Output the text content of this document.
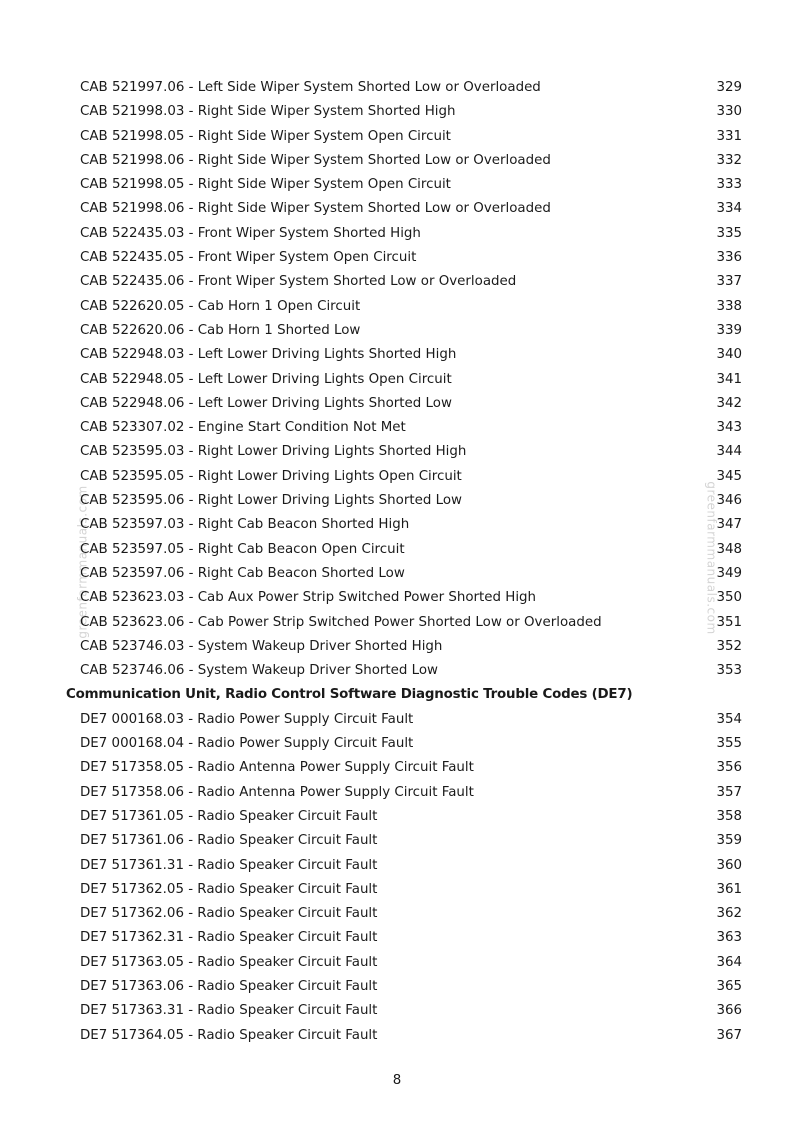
greenfarmmanuals.com	greenfarmmanuals.com
CAB 521997.06 - Left Side Wiper System Shorted Low or Overloaded	329
CAB 521998.03 - Right Side Wiper System Shorted High	330
CAB 521998.05 - Right Side Wiper System Open Circuit	331
CAB 521998.06 - Right Side Wiper System Shorted Low or Overloaded	332
CAB 521998.05 - Right Side Wiper System Open Circuit	333
CAB 521998.06 - Right Side Wiper System Shorted Low or Overloaded	334
CAB 522435.03 - Front Wiper System Shorted High	335
CAB 522435.05 - Front Wiper System Open Circuit	336
CAB 522435.06 - Front Wiper System Shorted Low or Overloaded	337
CAB 522620.05 - Cab Horn 1 Open Circuit	338
CAB 522620.06 - Cab Horn 1 Shorted Low	339
CAB 522948.03 - Left Lower Driving Lights Shorted High	340
CAB 522948.05 - Left Lower Driving Lights Open Circuit	341
CAB 522948.06 - Left Lower Driving Lights Shorted Low	342
CAB 523307.02 - Engine Start Condition Not Met	343
CAB 523595.03 - Right Lower Driving Lights Shorted High	344
CAB 523595.05 - Right Lower Driving Lights Open Circuit	345
CAB 523595.06 - Right Lower Driving Lights Shorted Low	346
CAB 523597.03 - Right Cab Beacon Shorted High	347
CAB 523597.05 - Right Cab Beacon Open Circuit	348
CAB 523597.06 - Right Cab Beacon Shorted Low	349
CAB 523623.03 - Cab Aux Power Strip Switched Power Shorted High	350
CAB 523623.06 - Cab Power Strip Switched Power Shorted Low or Overloaded	351
CAB 523746.03 - System Wakeup Driver Shorted High	352
CAB 523746.06 - System Wakeup Driver Shorted Low	353
Communication Unit, Radio Control Software Diagnostic Trouble Codes (DE7)
DE7 000168.03 - Radio Power Supply Circuit Fault	354
DE7 000168.04 - Radio Power Supply Circuit Fault	355
DE7 517358.05 - Radio Antenna Power Supply Circuit Fault	356
DE7 517358.06 - Radio Antenna Power Supply Circuit Fault	357
DE7 517361.05 - Radio Speaker Circuit Fault	358
DE7 517361.06 - Radio Speaker Circuit Fault	359
DE7 517361.31 - Radio Speaker Circuit Fault	360
DE7 517362.05 - Radio Speaker Circuit Fault	361
DE7 517362.06 - Radio Speaker Circuit Fault	362
DE7 517362.31 - Radio Speaker Circuit Fault	363
DE7 517363.05 - Radio Speaker Circuit Fault	364
DE7 517363.06 - Radio Speaker Circuit Fault	365
DE7 517363.31 - Radio Speaker Circuit Fault	366
DE7 517364.05 - Radio Speaker Circuit Fault	367
8
